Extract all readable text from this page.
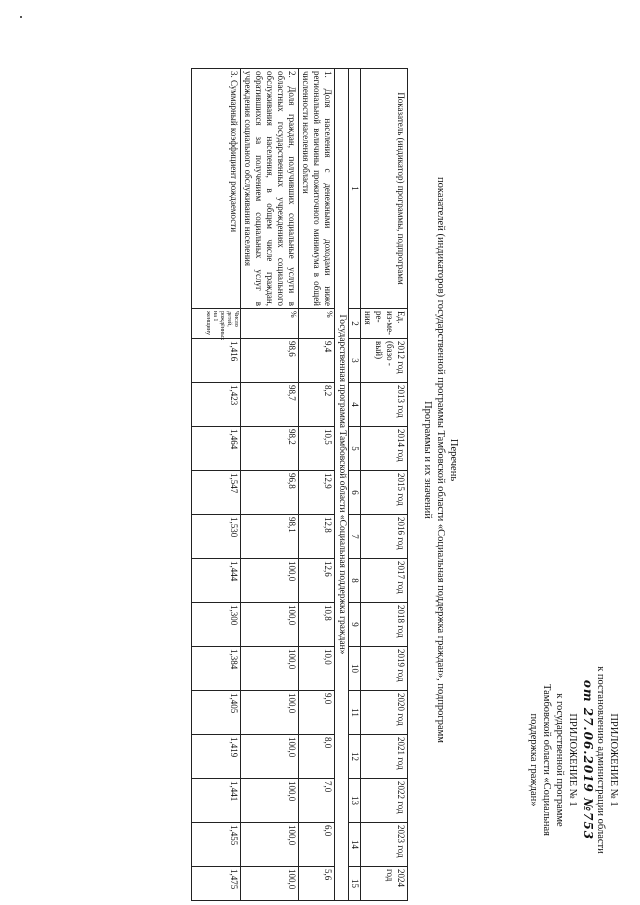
ПРИЛОЖЕНИЕ № 1
к постановлению администрации области
от 27.06.2019 №753
ПРИЛОЖЕНИЕ № 1
к государственной программе
Тамбовской области «Социальная
поддержка граждан»
Перечень
показателей (индикаторов) государственной программы Тамбовской области «Социальная поддержка граждан», подпрограмм
Программы и их значений
Показатель (индикатор) программы, подпрограмм	Ед. из-ме-ре-ния	2012 год (базо - вый)	2013 год	2014 год	2015 год	2016 год	2017 год	2018 год	2019 год	2020 год	2021 год	2022 год	2023 год	2024 год
1	2	3	4	5	6	7	8	9	10	11	12	13	14	15
Государственная программа Тамбовской области «Социальная поддержка граждан»														
1. Доля населения с денежными доходами ниже региональной величины прожиточного минимума в общей численности населения области	%	9,4	8,2	10,5	12,9	12,8	12,6	10,8	10,0	9,0	8,0	7,0	6,0	5,6
2. Доля граждан, получивших социальные услуги в областных государственных учреждениях социального обслуживания населения, в общем числе граждан, обратившихся за получением социальных услуг в учреждения социального обслуживания населения	%	98,6	98,7	98,2	96,8	98,1	100,0	100,0	100,0	100,0	100,0	100,0	100,0	100,0
3. Суммарный коэффициент рождаемости	Число детей, рождённых на 1 женщину	1,416	1,423	1,464	1,547	1,530	1,444	1,300	1,384	1,405	1,419	1,441	1,455	1,475
